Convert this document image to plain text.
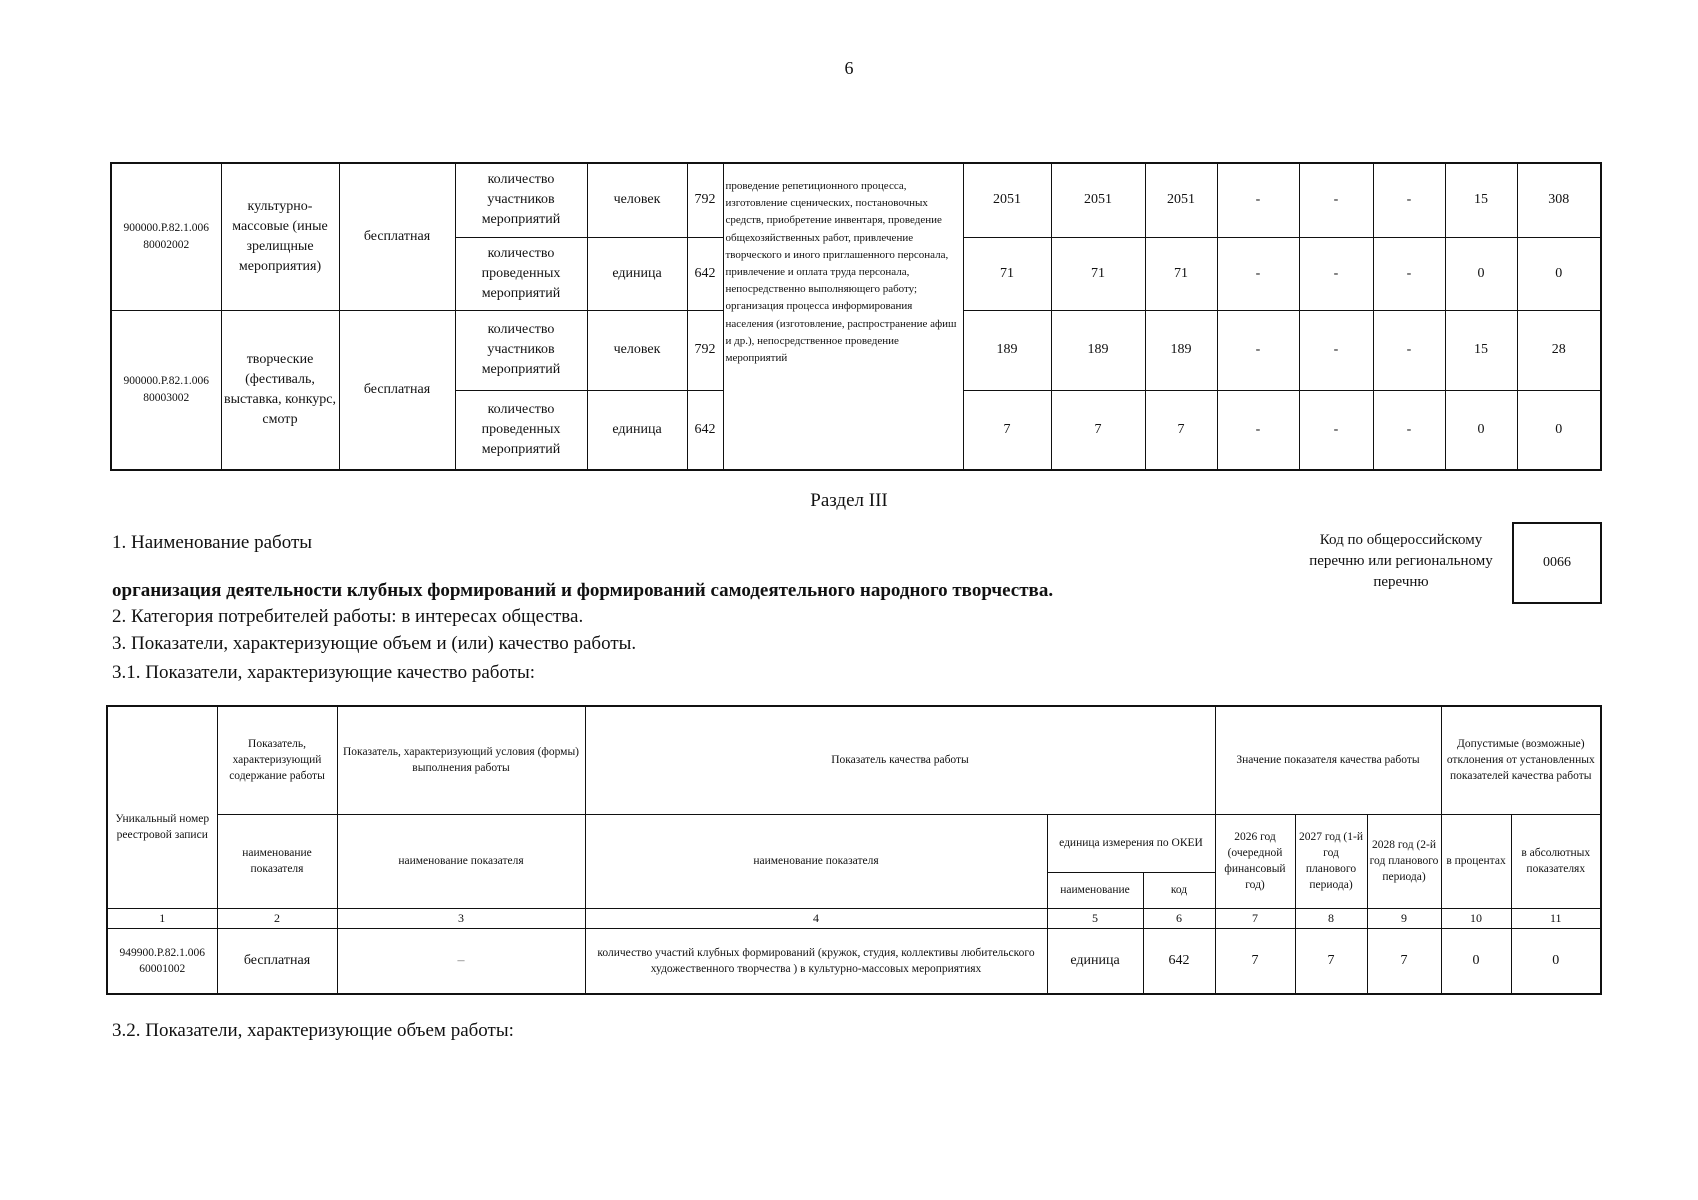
6
900000.Р.82.1.006 80002002	культурно-массовые (иные зрелищные мероприятия)	бесплатная	количество участников мероприятий	человек	792	проведение репетиционного процесса, изготовление сценических, постановочных средств, приобретение инвентаря, проведение общехозяйственных работ, привлечение творческого и иного приглашенного персонала, привлечение и оплата труда персонала, непосредственно выполняющего работу; организация процесса информирования населения (изготовление, распространение афиш и др.), непосредственное проведение мероприятий	2051	2051	2051	-	-	-	15	308
			количество проведенных мероприятий	единица	642		71	71	71	-	-	-	0	0
900000.Р.82.1.006 80003002	творческие (фестиваль, выставка, конкурс, смотр	бесплатная	количество участников мероприятий	человек	792		189	189	189	-	-	-	15	28
			количество проведенных мероприятий	единица	642		7	7	7	-	-	-	0	0
Раздел III
1. Наименование работы	Код по общероссийскому перечню или региональному перечню
0066
организация деятельности клубных формирований и формирований самодеятельного народного творчества.
2. Категория потребителей работы: в интересах общества.
3. Показатели, характеризующие объем и (или) качество работы.
3.1. Показатели, характеризующие качество работы:
Уникальный номер реестровой записи	Показатель, характеризующий содержание работы	Показатель, характеризующий условия (формы) выполнения работы	Показатель качества работы			Значение показателя качества работы			Допустимые (возможные) отклонения от установленных показателей качества работы	
	наименование показателя	наименование показателя	наименование показателя	единица измерения по ОКЕИ		2026 год (очередной финансовый год)	2027 год (1-й год планового периода)	2028 год (2-й год планового периода)	в процентах	в абсолютных показателях
				наименование	код					
1	2	3	4	5	6	7	8	9	10	11
949900.Р.82.1.006 60001002	бесплатная	–	количество участий клубных формирований (кружок, студия, коллективы любительского художественного творчества ) в культурно-массовых мероприятиях	единица	642	7	7	7	0	0
3.2. Показатели, характеризующие объем работы:
